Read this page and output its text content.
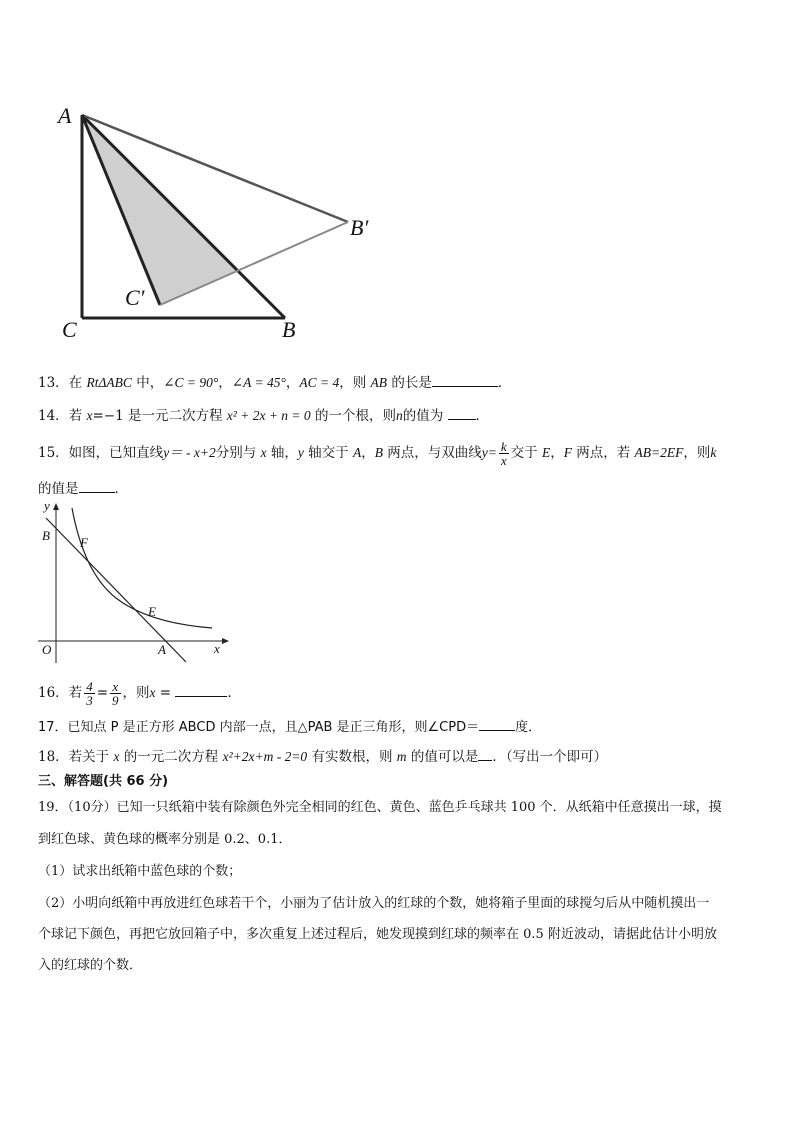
A
B′
C′
C	B
13．在 RtΔABC 中，∠C = 90°，∠A = 45°，AC = 4，则 AB 的长是	．
14．若 x=−1 是一元二次方程 x² + 2x + n = 0 的一个根，则n的值为 ．
15．如图，已知直线y＝ - x+2分别与 x 轴，y 轴交于 A，B 两点，与双曲线$y= \frac{k}{x}$ 交于 E，F 两点，若 AB=2EF，则k
的值是	．
y
B F
E
O	A	x
16．若 $\frac{4}{3} = \frac{x}{9}$ ，则x =	．
17．已知点 P 是正方形 ABCD 内部一点，且△PAB 是正三角形，则∠CPD＝	度．
18．若关于 x 的一元二次方程 x²+2x+m - 2=0 有实数根，则 m 的值可以是 ．（写出一个即可）
三、解答题(共 66 分)
19．（10分）已知一只纸箱中装有除颜色外完全相同的红色、黄色、蓝色乒乓球共 100 个．从纸箱中任意摸出一球，摸
到红色球、黄色球的概率分别是 0.2、0.1．
（1）试求出纸箱中蓝色球的个数；
（2）小明向纸箱中再放进红色球若干个，小丽为了估计放入的红球的个数，她将箱子里面的球搅匀后从中随机摸出一
个球记下颜色，再把它放回箱子中，多次重复上述过程后，她发现摸到红球的频率在 0.5 附近波动，请据此估计小明放
入的红球的个数．
